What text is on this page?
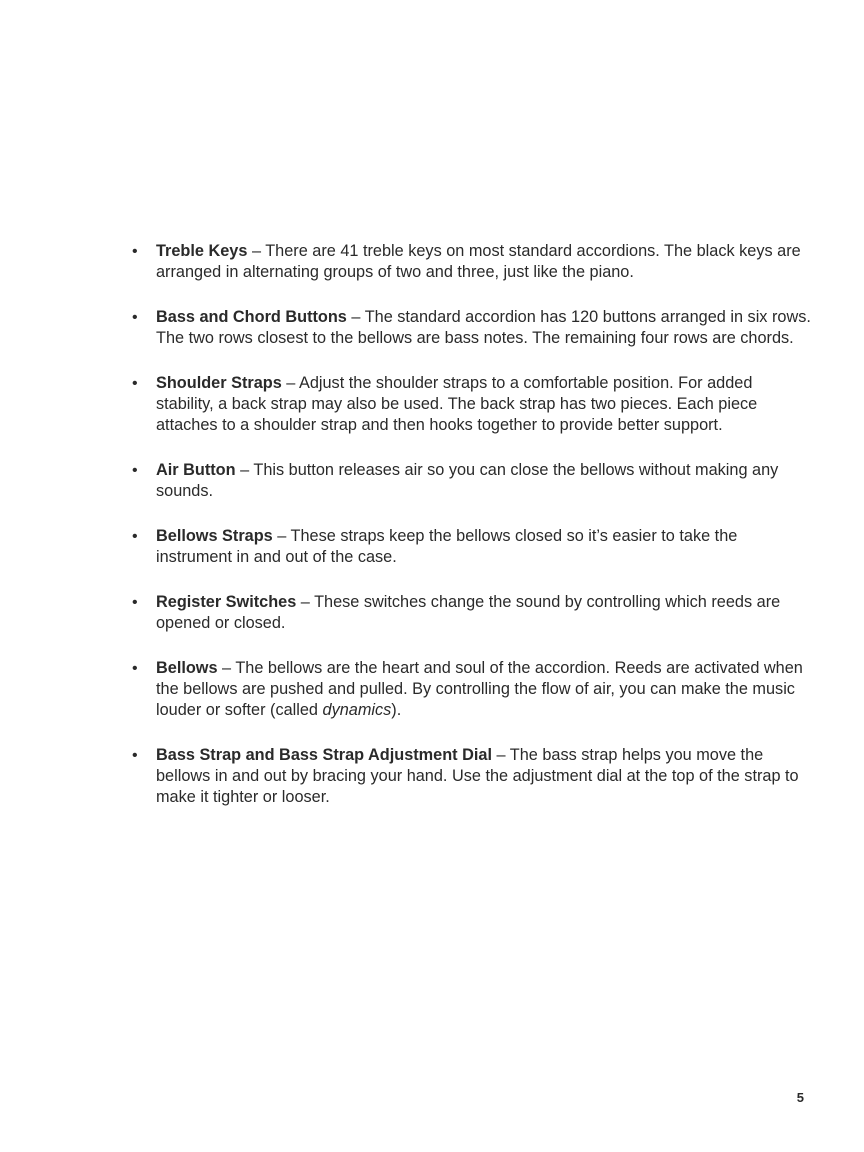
• Treble Keys – There are 41 treble keys on most standard accordions. The black keys are arranged in alternating groups of two and three, just like the piano.
• Bass and Chord Buttons – The standard accordion has 120 buttons arranged in six rows. The two rows closest to the bellows are bass notes. The remaining four rows are chords.
• Shoulder Straps – Adjust the shoulder straps to a comfortable position. For added stability, a back strap may also be used. The back strap has two pieces. Each piece attaches to a shoulder strap and then hooks together to provide better support.
• Air Button – This button releases air so you can close the bellows without making any sounds.
• Bellows Straps – These straps keep the bellows closed so it’s easier to take the instrument in and out of the case.
• Register Switches – These switches change the sound by controlling which reeds are opened or closed.
• Bellows – The bellows are the heart and soul of the accordion. Reeds are activated when the bellows are pushed and pulled. By controlling the flow of air, you can make the music louder or softer (called dynamics).
• Bass Strap and Bass Strap Adjustment Dial – The bass strap helps you move the bellows in and out by bracing your hand. Use the adjustment dial at the top of the strap to make it tighter or looser.
5
